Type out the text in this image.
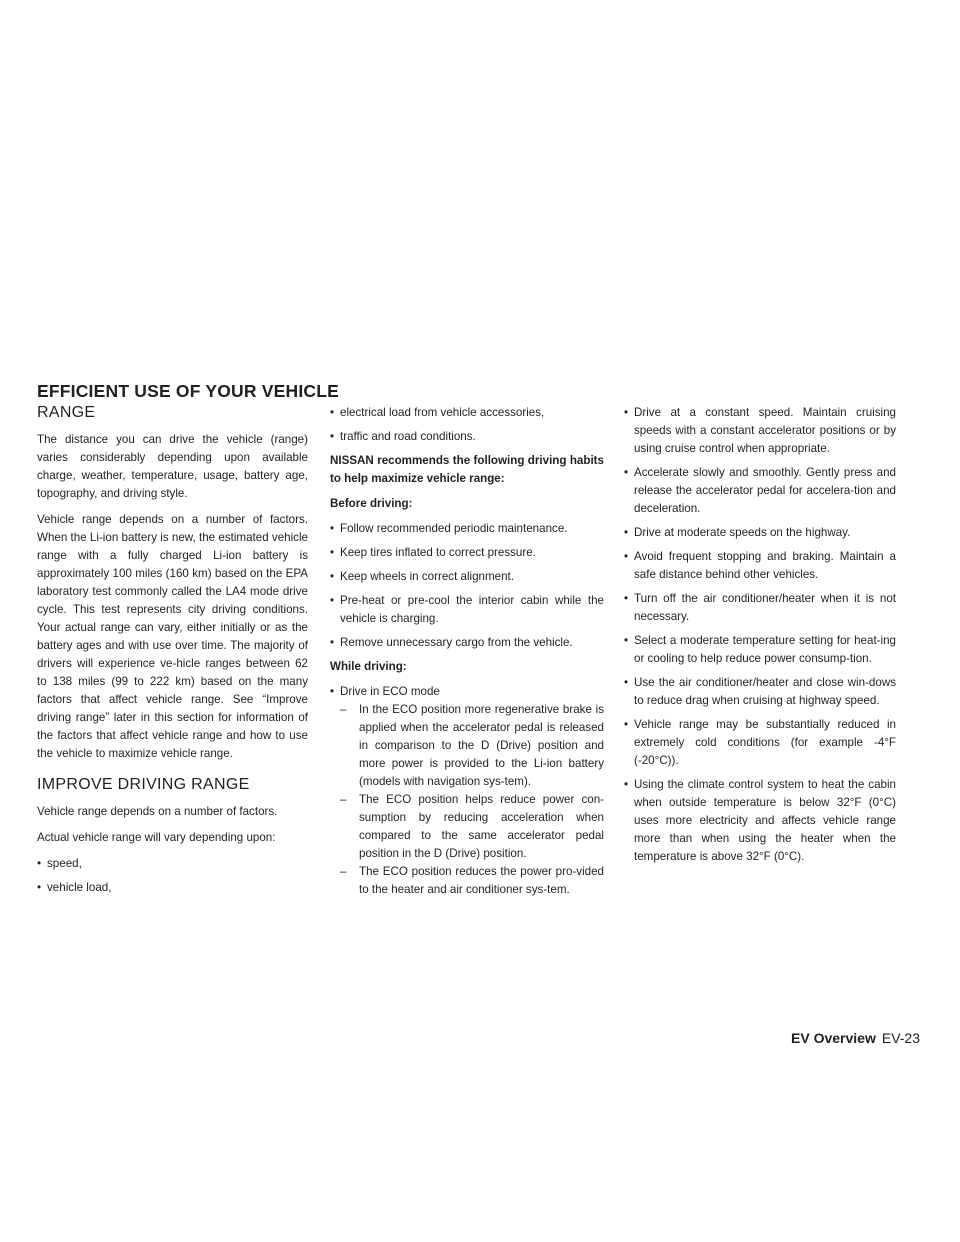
EFFICIENT USE OF YOUR VEHICLE
RANGE

The distance you can drive the vehicle (range) varies considerably depending upon available charge, weather, temperature, usage, battery age, topography, and driving style.

Vehicle range depends on a number of factors. When the Li-ion battery is new, the estimated vehicle range with a fully charged Li-ion battery is approximately 100 miles (160 km) based on the EPA laboratory test commonly called the LA4 mode drive cycle. This test represents city driving conditions. Your actual range can vary, either initially or as the battery ages and with use over time. The majority of drivers will experience ve-hicle ranges between 62 to 138 miles (99 to 222 km) based on the many factors that affect vehicle range. See “Improve driving range” later in this section for information of the factors that affect vehicle range and how to use the vehicle to maximize vehicle range.

IMPROVE DRIVING RANGE

Vehicle range depends on a number of factors.

Actual vehicle range will vary depending upon:

• speed,
• vehicle load,
• electrical load from vehicle accessories,
• traffic and road conditions.

NISSAN recommends the following driving habits to help maximize vehicle range:

Before driving:

• Follow recommended periodic maintenance.
• Keep tires inflated to correct pressure.
• Keep wheels in correct alignment.
• Pre-heat or pre-cool the interior cabin while the vehicle is charging.
• Remove unnecessary cargo from the vehicle.

While driving:

• Drive in ECO mode
– In the ECO position more regenerative brake is applied when the accelerator pedal is released in comparison to the D (Drive) position and more power is provided to the Li-ion battery (models with navigation sys-tem).
– The ECO position helps reduce power con-sumption by reducing acceleration when compared to the same accelerator pedal position in the D (Drive) position.
– The ECO position reduces the power pro-vided to the heater and air conditioner sys-tem.
• Drive at a constant speed. Maintain cruising speeds with a constant accelerator positions or by using cruise control when appropriate.
• Accelerate slowly and smoothly. Gently press and release the accelerator pedal for accelera-tion and deceleration.
• Drive at moderate speeds on the highway.
• Avoid frequent stopping and braking. Maintain a safe distance behind other vehicles.
• Turn off the air conditioner/heater when it is not necessary.
• Select a moderate temperature setting for heat-ing or cooling to help reduce power consump-tion.
• Use the air conditioner/heater and close win-dows to reduce drag when cruising at highway speed.
• Vehicle range may be substantially reduced in extremely cold conditions (for example -4°F (-20°C)).
• Using the climate control system to heat the cabin when outside temperature is below 32°F (0°C) uses more electricity and affects vehicle range more than when using the heater when the temperature is above 32°F (0°C).
EV Overview EV-23
